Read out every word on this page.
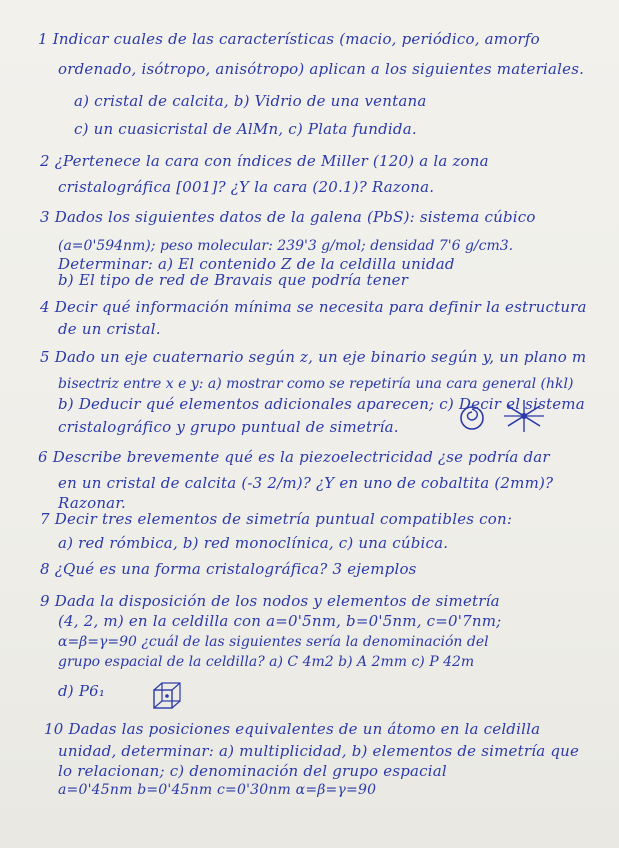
1 Indicar cuales de las características (macio, periódico, amorfo
ordenado, isótropo, anisótropo) aplican a los siguientes materiales.
a) cristal de calcita, b) Vidrio de una ventana
c) un cuasicristal de AlMn, c) Plata fundida.
2 ¿Pertenece la cara con índices de Miller (120) a la zona
cristalográfica [001]? ¿Y la cara (20.1)? Razona.
3 Dados los siguientes datos de la galena (PbS): sistema cúbico
(a=0'594nm); peso molecular: 239'3 g/mol; densidad 7'6 g/cm3.
Determinar: a) El contenido Z de la celdilla unidad
b) El tipo de red de Bravais que podría tener
4 Decir qué información mínima se necesita para definir la estructura
de un cristal.
5 Dado un eje cuaternario según z, un eje binario según y, un plano m
bisectriz entre x e y: a) mostrar como se repetiría una cara general (hkl)
b) Deducir qué elementos adicionales aparecen; c) Decir el sistema
cristalográfico y grupo puntual de simetría.
6 Describe brevemente qué es la piezoelectricidad ¿se podría dar
en un cristal de calcita (-3 2/m)? ¿Y en uno de cobaltita (2mm)?
Razonar.
7 Decir tres elementos de simetría puntual compatibles con:
a) red rómbica, b) red monoclínica, c) una cúbica.
8 ¿Qué es una forma cristalográfica? 3 ejemplos
9 Dada la disposición de los nodos y elementos de simetría
(4, 2, m) en la celdilla con a=0'5nm, b=0'5nm, c=0'7nm;
α=β=γ=90 ¿cuál de las siguientes sería la denominación del
grupo espacial de la celdilla? a) C 4m2 b) A 2mm c) P 42m
d) P6₁
10 Dadas las posiciones equivalentes de un átomo en la celdilla
unidad, determinar: a) multiplicidad, b) elementos de simetría que
lo relacionan; c) denominación del grupo espacial
a=0'45nm b=0'45nm c=0'30nm α=β=γ=90
